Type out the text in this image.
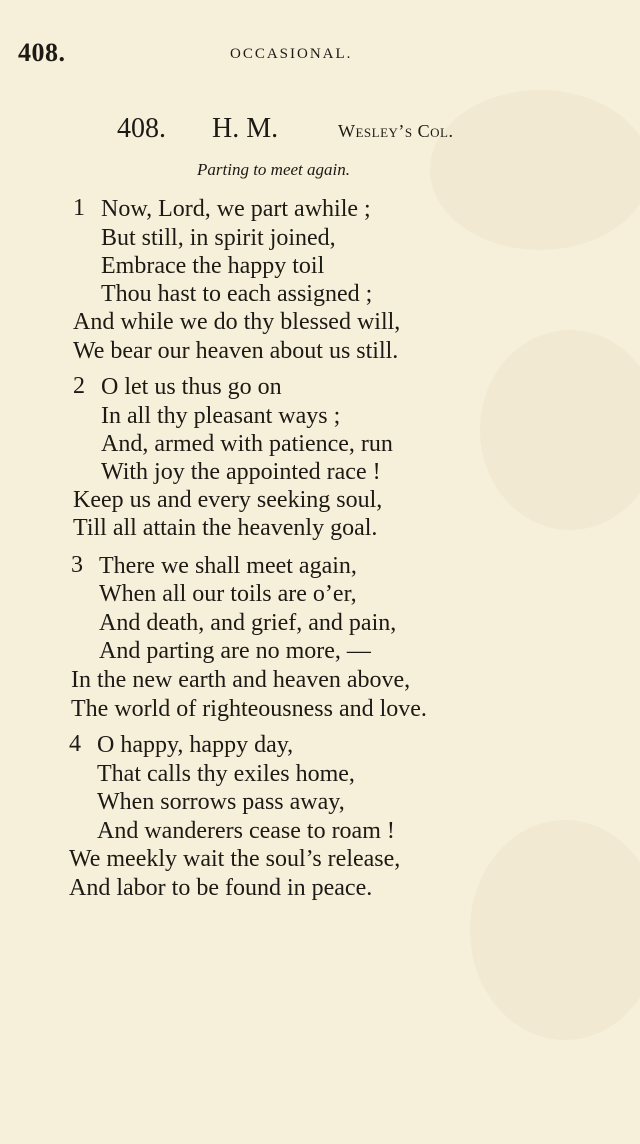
408.	OCCASIONAL.
408. H. M.	Wesley’s Col.
Parting to meet again.
1 Now, Lord, we part awhile ;
But still, in spirit joined,
Embrace the happy toil
Thou hast to each assigned ;
And while we do thy blessed will,
We bear our heaven about us still.
2 O let us thus go on
In all thy pleasant ways ;
And, armed with patience, run
With joy the appointed race !
Keep us and every seeking soul,
Till all attain the heavenly goal.
3 There we shall meet again,
When all our toils are o’er,
And death, and grief, and pain,
And parting are no more, —
In the new earth and heaven above,
The world of righteousness and love.
4 O happy, happy day,
That calls thy exiles home,
When sorrows pass away,
And wanderers cease to roam !
We meekly wait the soul’s release,
And labor to be found in peace.
